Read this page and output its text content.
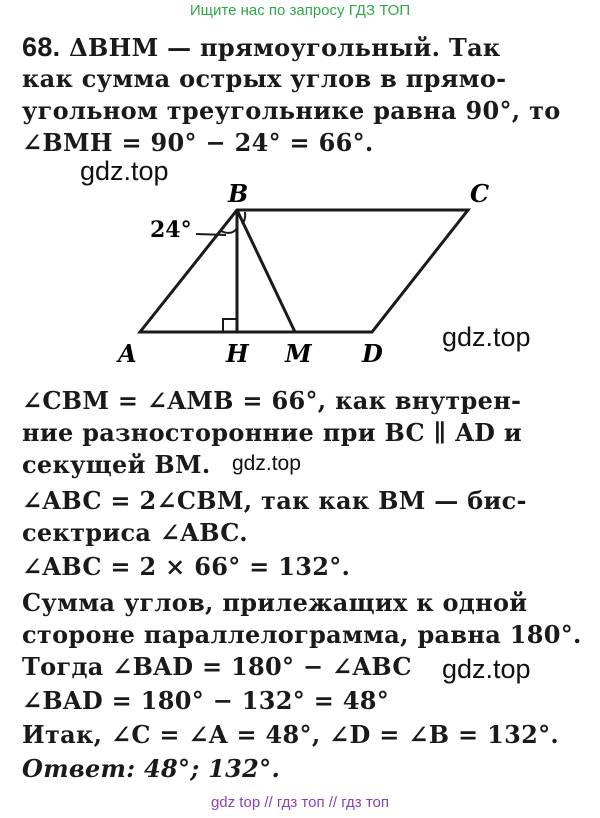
Ищите нас по запросу ГДЗ ТОП
68. ΔBHM — прямоугольный. Так
как сумма острых углов в прямо-
угольном треугольнике равна 90°, то
∠BMH = 90° − 24° = 66°.
gdz.top
B	C
A	H M D
24°
gdz.top
∠CBM = ∠AMB = 66°, как внутрен-
ние разносторонние при BC ∥ AD и
секущей BM. gdz.top
∠ABC = 2∠CBM, так как BM — бис-
сектриса ∠ABC.
∠ABC = 2 × 66° = 132°.
Сумма углов, прилежащих к одной
стороне параллелограмма, равна 180°.
Тогда ∠BAD = 180° − ∠ABC gdz.top
∠BAD = 180° − 132° = 48°
Итак, ∠C = ∠A = 48°, ∠D = ∠B = 132°.
Ответ: 48°; 132°.
gdz top // гдз топ // гдз топ
